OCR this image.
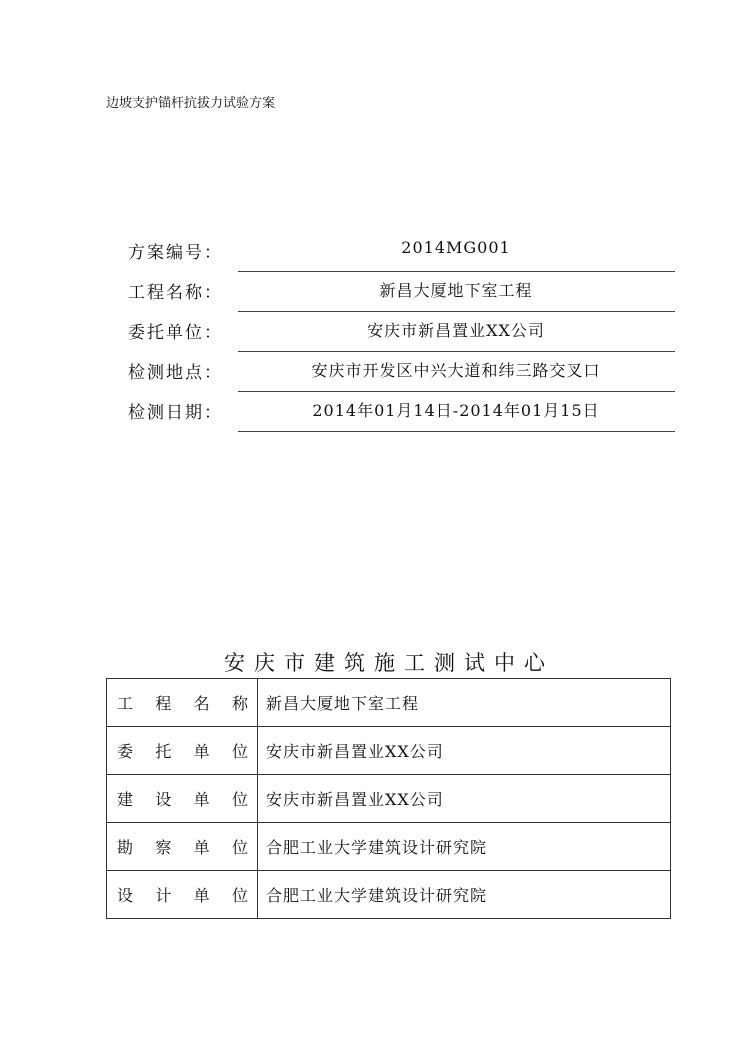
边坡支护锚杆抗拔力试验方案
方案编号：	2014MG001
工程名称：	新昌大厦地下室工程
委托单位：	安庆市新昌置业XX公司
检测地点：	安庆市开发区中兴大道和纬三路交叉口
检测日期：	2014年01月14日-2014年01月15日
安庆市建筑施工测试中心
工 程 名 称	新昌大厦地下室工程

委 托 单 位	安庆市新昌置业XX公司

建 设 单 位	安庆市新昌置业XX公司

勘 察 单 位	合肥工业大学建筑设计研究院

设 计 单 位	合肥工业大学建筑设计研究院
